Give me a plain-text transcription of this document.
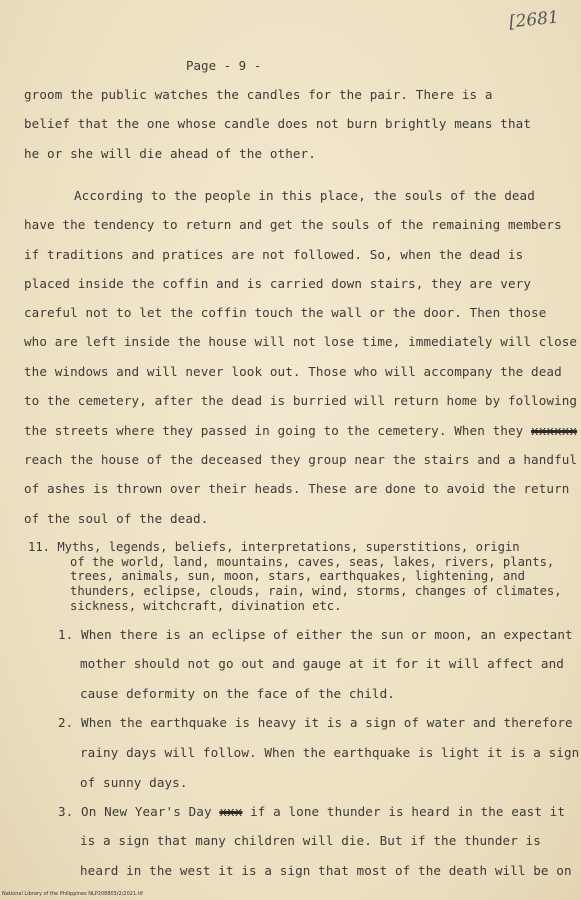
[2681
Page - 9 -
groom the public watches the candles for the pair. There is a
belief that the one whose candle does not burn brightly means that
he or she will die ahead of the other.
According to the people in this place, the souls of the dead
have the tendency to return and get the souls of the remaining members
if traditions and pratices are not followed. So, when the dead is
placed inside the coffin and is carried down stairs, they are very
careful not to let the coffin touch the wall or the door. Then those
who are left inside the house will not lose time, immediately will close
the windows and will never look out. Those who will accompany the dead
to the cemetery, after the dead is burried will return home by following
the streets where they passed in going to the cemetery. When they xxxxxx
reach the house of the deceased they group near the stairs and a handful
of ashes is thrown over their heads. These are done to avoid the return
of the soul of the dead.
11. Myths, legends, beliefs, interpretations, superstitions, origin
of the world, land, mountains, caves, seas, lakes, rivers, plants,
trees, animals, sun, moon, stars, earthquakes, lightening, and
thunders, eclipse, clouds, rain, wind, storms, changes of climates,
sickness, witchcraft, divination etc.
1. When there is an eclipse of either the sun or moon, an expectant
mother should not go out and gauge at it for it will affect and
cause deformity on the face of the child.
2. When the earthquake is heavy it is a sign of water and therefore
rainy days will follow. When the earthquake is light it is a sign
of sunny days.
3. On New Year's Day xxx if a lone thunder is heard in the east it
is a sign that many children will die. But if the thunder is
heard in the west it is a sign that most of the death will be on
National Library of the Philippines NLP208803/2/2021.tif
